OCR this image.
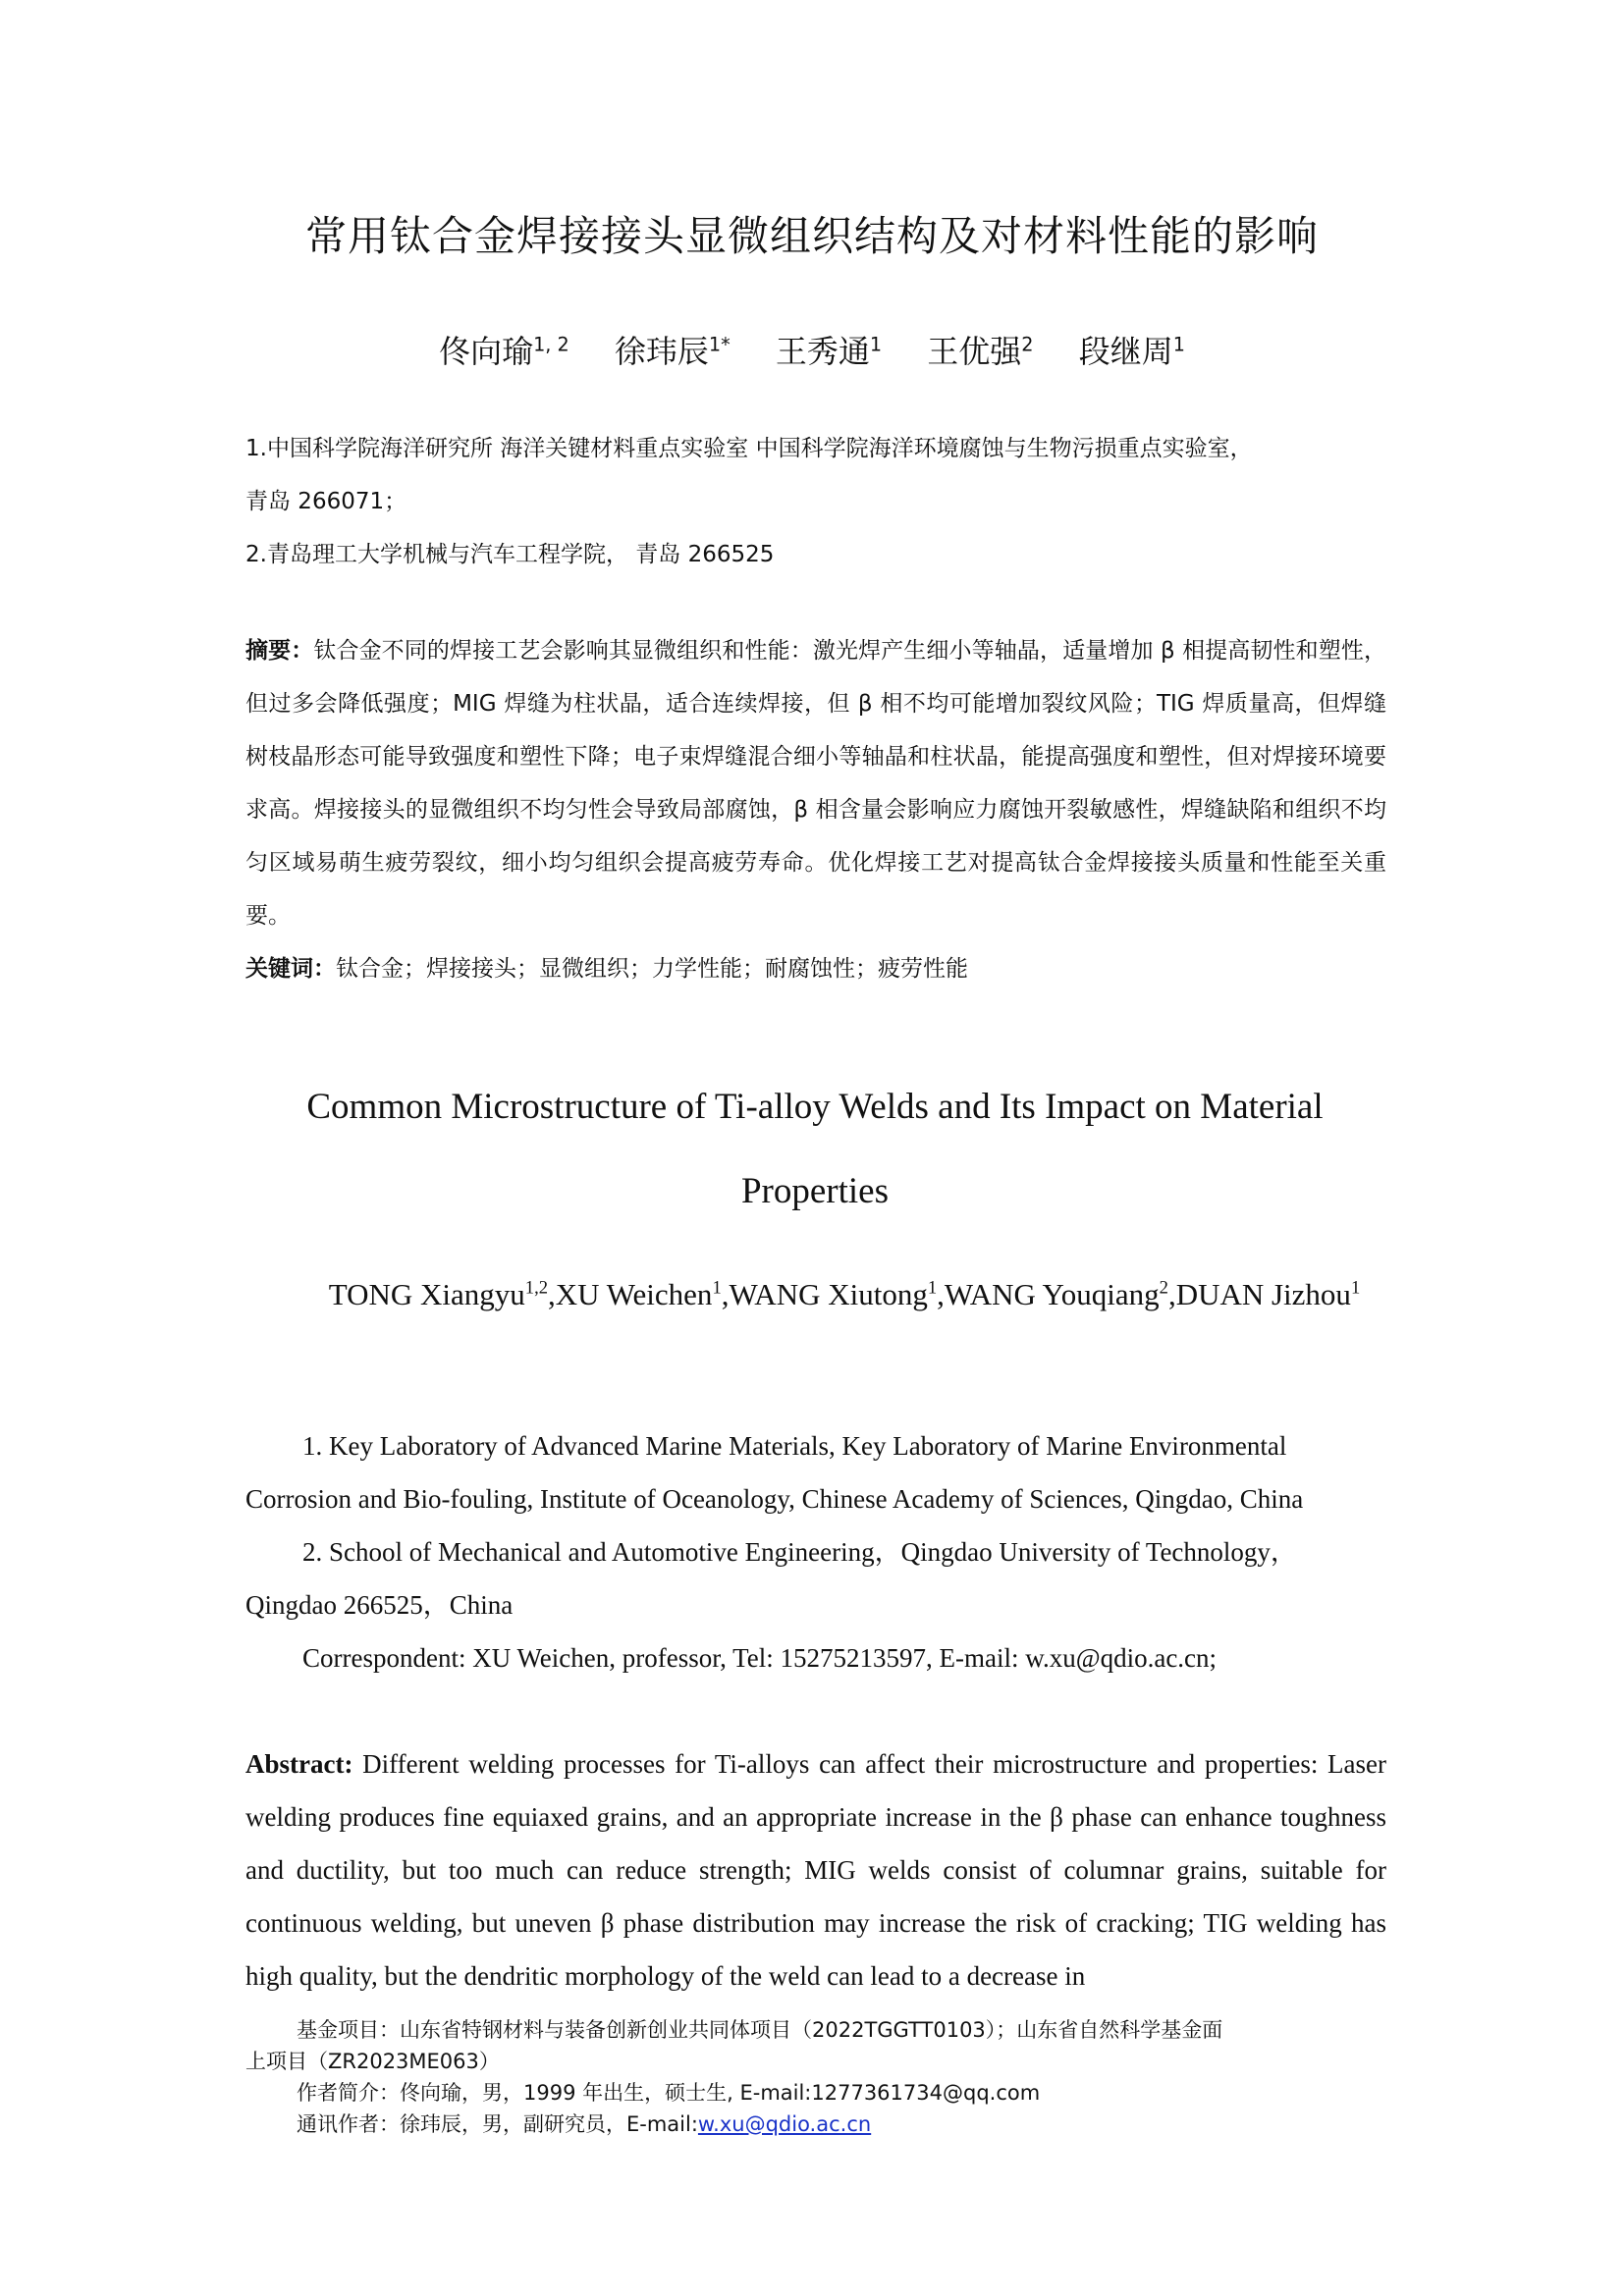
常用钛合金焊接接头显微组织结构及对材料性能的影响
佟向瑜$^{1, 2}$ 徐玮辰$^{1*}$ 王秀通$^1$ 王优强$^2$ 段继周$^1$
1.中国科学院海洋研究所 海洋关键材料重点实验室 中国科学院海洋环境腐蚀与生物污损重点实验室，
青岛 266071；
2.青岛理工大学机械与汽车工程学院， 青岛 266525
摘要：钛合金不同的焊接工艺会影响其显微组织和性能：激光焊产生细小等轴晶，适量增加 β 相提高韧性和塑性，但过多会降低强度；MIG 焊缝为柱状晶，适合连续焊接，但 β 相不均可能增加裂纹风险；TIG 焊质量高，但焊缝树枝晶形态可能导致强度和塑性下降；电子束焊缝混合细小等轴晶和柱状晶，能提高强度和塑性，但对焊接环境要求高。焊接接头的显微组织不均匀性会导致局部腐蚀，β 相含量会影响应力腐蚀开裂敏感性，焊缝缺陷和组织不均匀区域易萌生疲劳裂纹，细小均匀组织会提高疲劳寿命。优化焊接工艺对提高钛合金焊接接头质量和性能至关重要。
关键词：钛合金；焊接接头；显微组织；力学性能；耐腐蚀性；疲劳性能
Common Microstructure of Ti-alloy Welds and Its Impact on Material Properties
TONG Xiangyu$^{1,2}$,XU Weichen$^1$,WANG Xiutong$^1$,WANG Youqiang$^2$,DUAN Jizhou$^1$
1. Key Laboratory of Advanced Marine Materials, Key Laboratory of Marine Environmental
Corrosion and Bio-fouling, Institute of Oceanology, Chinese Academy of Sciences, Qingdao, China
2. School of Mechanical and Automotive Engineering，Qingdao University of Technology，
Qingdao 266525，China
Correspondent: XU Weichen, professor, Tel: 15275213597, E-mail: w.xu@qdio.ac.cn;
Abstract: Different welding processes for Ti-alloys can affect their microstructure and properties: Laser welding produces fine equiaxed grains, and an appropriate increase in the β phase can enhance toughness and ductility, but too much can reduce strength; MIG welds consist of columnar grains, suitable for continuous welding, but uneven β phase distribution may increase the risk of cracking; TIG welding has high quality, but the dendritic morphology of the weld can lead to a decrease in
基金项目：山东省特钢材料与装备创新创业共同体项目（2022TGGTT0103）；山东省自然科学基金面
上项目（ZR2023ME063）
作者简介：佟向瑜，男，1999 年出生，硕士生, E-mail:1277361734@qq.com
通讯作者：徐玮辰，男，副研究员，E-mail:w.xu@qdio.ac.cn
